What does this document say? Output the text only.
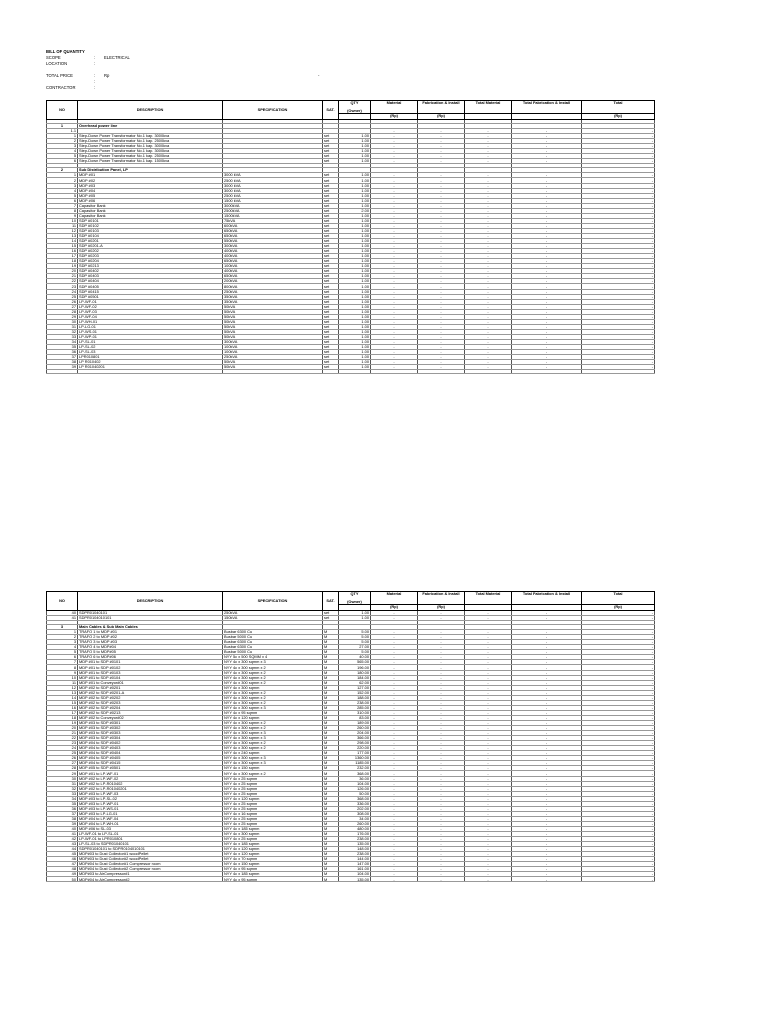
BILL OF QUANTITY
SCOPE	:	ELECTRICAL
LOCATION	:
TOTAL PRICE	:	Rp	-
:
CONTRACTOR	:
NO	DESCRIPTION	SPECIFICATION	SAT.	QTY

(Owner)	Material	Fabrication & Install	Total Material	Total Fabrication & Install	Total
					(Rp)	(Rp)			(Rp)

1	Overhead power line								
1.1					-	-	-	-	-
1	Step-Down Power Transformator No.1 kap. 3000kva		set	1.00	-	-	-	-	-
2	Step-Down Power Transformator No.1 kap. 2500kva		set	1.00	-	-	-	-	-
3	Step-Down Power Transformator No.1 kap. 3000kva		set	1.00	-	-	-	-	-
4	Step-Down Power Transformator No.1 kap. 3000kva		set	1.00	-	-	-	-	-
5	Step-Down Power Transformator No.1 kap. 2500kva		set	1.00	-	-	-	-	-
6	Step-Down Power Transformator No.1 kap. 1500kva		set	1.00	-	-	-	-	-

2	Sub Distribution Panel, LP								
1	MDP #01	3000 kVA	set	1.00	-	-	-	-	-
2	MDP #02	2500 kVA	set	1.00	-	-	-	-	-
3	MDP #03	3000 kVA	set	1.00	-	-	-	-	-
4	MDP #04	3000 kVA	set	1.00	-	-	-	-	-
5	MDP #05	2500 kVA	set	1.00	-	-	-	-	-
6	MDP #06	1500 kVA	set	1.00	-	-	-	-	-
7	Capasitor Bank	3000kVA	set	1.00	-	-	-	-	-
8	Capasitor Bank	2500kVA	set	2.00	-	-	-	-	-
9	Capasitor Bank	1500kVA	set	1.00	-	-	-	-	-
10	SDP #0101	75kVA	set	1.00	-	-	-	-	-
11	SDP #0102	600kVA	set	1.00	-	-	-	-	-
12	SDP #0103	650kVA	set	1.00	-	-	-	-	-
13	SDP #0104	650kVA	set	1.00	-	-	-	-	-
14	SDP #0201	550kVA	set	1.00	-	-	-	-	-
15	SDP #0201-A	300kVA	set	1.00	-	-	-	-	-
16	SDP #0202	400kVA	set	1.00	-	-	-	-	-
17	SDP #0203	400kVA	set	1.00	-	-	-	-	-
18	SDP #0204	650kVA	set	1.00	-	-	-	-	-
19	SDP #0213	100kVA	set	1.00	-	-	-	-	-
20	SDP #0402	400kVA	set	1.00	-	-	-	-	-
21	SDP #0403	650kVA	set	1.00	-	-	-	-	-
22	SDP #0404	200kVA	set	1.00	-	-	-	-	-
23	SDP #0405	800kVA	set	1.00	-	-	-	-	-
24	SDP #0415	250kVA	set	1.00	-	-	-	-	-
25	SDP #0501	350kVA	set	1.00	-	-	-	-	-
26	LP-WF-01	350kVA	set	1.00	-	-	-	-	-
27	LP-WF-02	50kVA	set	1.00	-	-	-	-	-
28	LP-WF-03	50kVA	set	1.00	-	-	-	-	-
29	LP-WF-04	50kVA	set	1.00	-	-	-	-	-
30	LP-WH-01	50kVA	set	1.00	-	-	-	-	-
31	LP-LG-01	50kVA	set	1.00	-	-	-	-	-
32	LP-WS-01	50kVA	set	1.00	-	-	-	-	-
33	LP-WP-01	50kVA	set	1.00	-	-	-	-	-
34	LP-SL-01	300kVA	set	1.00	-	-	-	-	-
35	LP-SL-02	100kVA	set	1.00	-	-	-	-	-
36	LP-SL-03	100kVA	set	1.00	-	-	-	-	-
37	LPR010801	250kVA	set	1.00	-	-	-	-	-
38	LP R010402	50kVA	set	1.00	-	-	-	-	-
39	LP R01040201	50kVA	set	1.00	-	-	-	-	-

NO	DESCRIPTION	SPECIFICATION	SAT.	QTY

(Owner)	Material	Fabrication & Install	Total Material	Total Fabrication & Install	Total
					(Rp)	(Rp)			(Rp)
40	SDPR01040101	250kVA	set	1.00	-	-	-	-	-
41	SDPR0104010101	150kVA	set	1.00	-	-	-	-	-

3	Main Cables & Sub Main Cables								
1	TRAFO 1 to MDP #01	Busbar 6300 Cu	M	5.00	-	-	-	-	-
2	TRAFO 2 to MDP #02	Busbar 5000 Cu	M	5.00	-	-	-	-	-
3	TRAFO 3 to MDP #03	Busbar 6300 Cu	M	5.00	-	-	-	-	-
4	TRAFO 4 to MDP#04	Busbar 6300 Cu	M	27.00	-	-	-	-	-
5	TRAFO 5 to MDP#05	Busbar 5000 Cu	M	5.00	-	-	-	-	-
6	TRAFO 6 to MDP#06	NYY 5c x 500 SQMM x 4	M	40.00	-	-	-	-	-
7	MDP #01 to SDP #0101	NYY 4c x 300 sqmm x 3	M	565.00	-	-	-	-	-
8	MDP #01 to SDP #0102	NYY 4c x 300 sqmm x 2	M	196.00	-	-	-	-	-
9	MDP #01 to SDP #0103	NYY 4c x 300 sqmm x 2	M	180.00	-	-	-	-	-
10	MDP #01 to SDP #0104	NYY 4c x 300 sqmm x 2	M	184.00	-	-	-	-	-
11	MDP #01 to Conveyor#01	NYY 4c x 300 sqmm x 2	M	62.00	-	-	-	-	-
12	MDP #02 to SDP #0201	NYY 4c x 300 sqmm	M	127.00	-	-	-	-	-
13	MDP #02 to SDP #0201-A	NYY 4c x 300 sqmm x 2	M	152.00	-	-	-	-	-
14	MDP #02 to SDP #0202	NYY 4c x 300 sqmm x 2	M	188.00	-	-	-	-	-
15	MDP #02 to SDP #0203	NYY 4c x 300 sqmm x 2	M	238.00	-	-	-	-	-
16	MDP #02 to SDP #0204	NYY 4c x 300 sqmm x 3	M	285.00	-	-	-	-	-
17	MDP #02 to SDP #0213	NYY 4c x 95 sqmm	M	310.00	-	-	-	-	-
18	MDP #02 to Conveyor#02	NYY 4c x 120 sqmm	M	83.00	-	-	-	-	-
19	MDP #03 to SDP #0301	NYY 4c x 300 sqmm x 2	M	189.00	-	-	-	-	-
20	MDP #03 to SDP #0302	NYY 4c x 300 sqmm x 2	M	260.00	-	-	-	-	-
21	MDP #03 to SDP #0303	NYY 4c x 300 sqmm x 3	M	204.00	-	-	-	-	-
22	MDP #03 to SDP #0304	NYY 4c x 300 sqmm x 3	M	366.00	-	-	-	-	-
23	MDP #04 to SDP #0402	NYY 4c x 300 sqmm x 2	M	298.00	-	-	-	-	-
24	MDP #04 to SDP #0403	NYY 4c x 300 sqmm x 2	M	220.00	-	-	-	-	-
25	MDP #04 to SDP #0404	NYY 4c x 240 sqmm	M	177.00	-	-	-	-	-
26	MDP #04 to SDP #0405	NYY 4c x 300 sqmm x 3	M	1360.00	-	-	-	-	-
27	MDP #04 to SDP #0415	NYY 4c x 300 sqmm x 3	M	1185.00	-	-	-	-	-
28	MDP #05 to SDP #0501	NYY 4c x 150 sqmm	M	232.00	-	-	-	-	-
29	MDP #01 to LP-WF-01	NYY 4c x 300 sqmm x 2	M	368.00	-	-	-	-	-
30	MDP #02 to LP-WF-02	NYY 4c x 25 sqmm	M	36.00	-	-	-	-	-
31	MDP #02 to LP-R010402	NYY 4c x 25 sqmm	M	104.00	-	-	-	-	-
32	MDP #02 to LP-R01040201	NYY 4c x 25 sqmm	M	126.00	-	-	-	-	-
33	MDP #03 to LP-WF-03	NYY 4c x 25 sqmm	M	50.00	-	-	-	-	-
34	MDP #03 to LP-SL-02	NYY 4c x 120 sqmm	M	368.00	-	-	-	-	-
35	MDP #03 to LP-WP-01	NYY 4c x 25 sqmm	M	336.00	-	-	-	-	-
36	MDP #03 to LP-WS-01	NYY 4c x 25 sqmm	M	202.00	-	-	-	-	-
37	MDP #03 to LP-LG-01	NYY 4c x 16 sqmm	M	308.00	-	-	-	-	-
38	MDP #04 to LP-WF-04	NYY 4c x 25 sqmm	M	34.00	-	-	-	-	-
39	MDP #04 to LP-WH-01	NYY 4c x 25 sqmm	M	260.00	-	-	-	-	-
40	MDP #06 to SL-03	NYY 4c x 185 sqmm	M	480.00	-	-	-	-	-
41	LP-WF-01 to LP-SL-01	NYY 4c x 300 sqmm	M	176.00	-	-	-	-	-
42	LP-WF-01 to LPR010801	NYY 4c x 25 sqmm	M	238.00	-	-	-	-	-
43	LP-SL-03 to SDPR01040101	NYY 4c x 185 sqmm	M	135.00	-	-	-	-	-
44	SDPR01040101 to SDPR0104010101	NYY 4c x 120 sqmm	M	148.00	-	-	-	-	-
45	MDP#03 to Dust Collector#1 woodPellet	NYY 4c x 120 sqmm	M	238.00	-	-	-	-	-
46	MDP#03 to Dust Collector#2 woodPellet	NYY 4c x 70 sqmm	M	144.00	-	-	-	-	-
47	MDP#04 to Dust Collector#1 Compressor room	NYY 4c x 150 sqmm	M	147.00	-	-	-	-	-
48	MDP#04 to Dust Collector#2 Compressor room	NYY 4c x 95 sqmm	M	161.00	-	-	-	-	-
49	MDP#03 to AirCompressor#1	NYY 4c x 185 sqmm	M	104.00	-	-	-	-	-
50	MDP#04 to AirCompressor#2	NYY 4c x 95 sqmm	M	135.00	-	-	-	-	-
